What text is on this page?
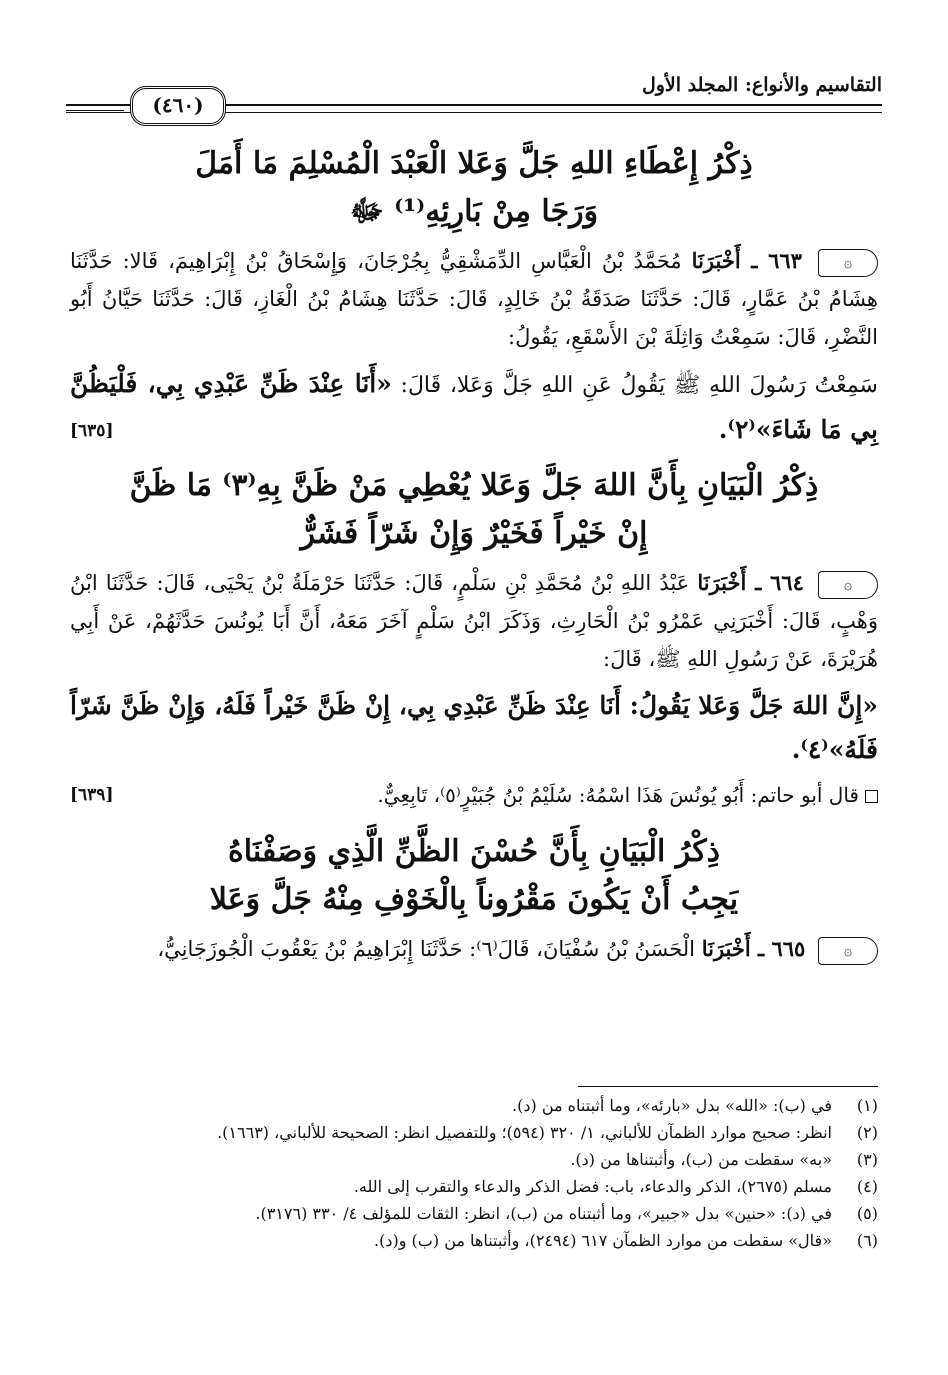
التقاسيم والأنواع: المجلد الأول
(٤٦٠)
ذِكْرُ إِعْطَاءِ اللهِ جَلَّ وَعَلا الْعَبْدَ الْمُسْلِمَ مَا أَمَلَ
وَرَجَا مِنْ بَارِئِهِ⁽¹⁾ ﷻ

۞ ٦٦٣ ـ أَخْبَرَنَا مُحَمَّدُ بْنُ الْعَبَّاسِ الدِّمَشْقِيُّ بِجُرْجَانَ، وَإِسْحَاقُ بْنُ إِبْرَاهِيمَ، قَالا: حَدَّثَنَا هِشَامُ بْنُ عَمَّارٍ، قَالَ: حَدَّثَنَا صَدَقَةُ بْنُ خَالِدٍ، قَالَ: حَدَّثَنَا هِشَامُ بْنُ الْغَازِ، قَالَ: حَدَّثَنَا حَيَّانُ أَبُو النَّضْرِ، قَالَ: سَمِعْتُ وَاثِلَةَ بْنَ الأَسْقَعِ، يَقُولُ:

سَمِعْتُ رَسُولَ اللهِ ﷺ يَقُولُ عَنِ اللهِ جَلَّ وَعَلا، قَالَ: «أَنَا عِنْدَ ظَنِّ عَبْدِي بِي، فَلْيَظُنَّ بِي مَا شَاءَ»⁽٢⁾.

[٦٣٥]
ذِكْرُ الْبَيَانِ بِأَنَّ اللهَ جَلَّ وَعَلا يُعْطِي مَنْ ظَنَّ بِهِ⁽٣⁾ مَا ظَنَّ
إِنْ خَيْراً فَخَيْرٌ وَإِنْ شَرّاً فَشَرٌّ

۞ ٦٦٤ ـ أَخْبَرَنَا عَبْدُ اللهِ بْنُ مُحَمَّدِ بْنِ سَلْمٍ، قَالَ: حَدَّثَنَا حَرْمَلَةُ بْنُ يَحْيَى، قَالَ: حَدَّثَنَا ابْنُ وَهْبٍ، قَالَ: أَخْبَرَنِي عَمْرُو بْنُ الْحَارِثِ، وَذَكَرَ ابْنُ سَلْمٍ آخَرَ مَعَهُ، أَنَّ أَبَا يُونُسَ حَدَّثَهُمْ، عَنْ أَبِي هُرَيْرَةَ، عَنْ رَسُولِ اللهِ ﷺ، قَالَ:

«إِنَّ اللهَ جَلَّ وَعَلا يَقُولُ: أَنَا عِنْدَ ظَنِّ عَبْدِي بِي، إِنْ ظَنَّ خَيْراً فَلَهُ، وَإِنْ ظَنَّ شَرّاً فَلَهُ»⁽٤⁾.

قال أبو حاتم: أَبُو يُونُسَ هَذَا اسْمُهُ: سُلَيْمُ بْنُ جُبَيْرٍ⁽٥⁾، تَابِعِيٌّ.
[٦٣٩]
ذِكْرُ الْبَيَانِ بِأَنَّ حُسْنَ الظَّنِّ الَّذِي وَصَفْنَاهُ
يَجِبُ أَنْ يَكُونَ مَقْرُوناً بِالْخَوْفِ مِنْهُ جَلَّ وَعَلا

۞ ٦٦٥ ـ أَخْبَرَنَا الْحَسَنُ بْنُ سُفْيَانَ، قَالَ⁽٦⁾: حَدَّثَنَا إِبْرَاهِيمُ بْنُ يَعْقُوبَ الْجُوزَجَانِيُّ،

(١)
في (ب): «الله» بدل «بارئه»، وما أثبتناه من (د).
(٢)
انظر: صحيح موارد الظمآن للألباني، ١/ ٣٢٠ (٥٩٤)؛ وللتفصيل انظر: الصحيحة للألباني، (١٦٦٣).
(٣)
«به» سقطت من (ب)، وأثبتناها من (د).
(٤)
مسلم (٢٦٧٥)، الذكر والدعاء، باب: فضل الذكر والدعاء والتقرب إلى الله.
(٥)
في (د): «حنين» بدل «جبير»، وما أثبتناه من (ب)، انظر: الثقات للمؤلف ٤/ ٣٣٠ (٣١٧٦).
(٦)
«قال» سقطت من موارد الظمآن ٦١٧ (٢٤٩٤)، وأثبتناها من (ب) و(د).
